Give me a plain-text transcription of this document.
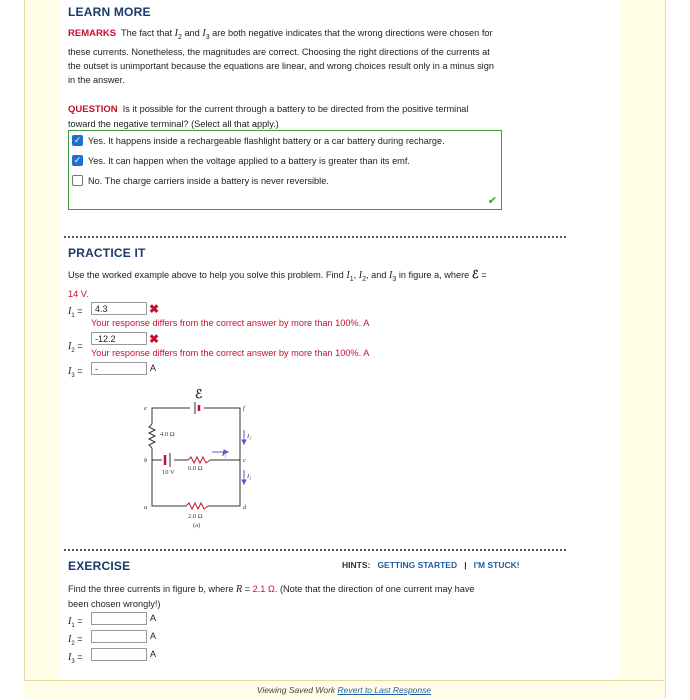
LEARN MORE
REMARKS The fact that $I_2$ and $I_3$ are both negative indicates that the wrong directions were chosen for
these currents. Nonetheless, the magnitudes are correct. Choosing the right directions of the currents at
the outset is unimportant because the equations are linear, and wrong choices result only in a minus sign
in the answer.
QUESTION Is it possible for the current through a battery to be directed from the positive terminal
toward the negative terminal? (Select all that apply.)
✓ Yes. It happens inside a rechargeable flashlight battery or a car battery during recharge.
✓ Yes. It can happen when the voltage applied to a battery is greater than its emf.
No. The charge carriers inside a battery is never reversible.
✔
PRACTICE IT
Use the worked example above to help you solve this problem. Find $I_1$, $I_2$, and $I_3$ in figure a, where ℰ =
14 V.
$I_1$ =	4.3	✖
Your response differs from the correct answer by more than 100%. A
$I_2$ =
-12.2	✖
Your response differs from the correct answer by more than 100%. A
$I_3$ =	-	A
ℰ
4.0 Ω
10 V
6.0 Ω
2.0 Ω
(a)
e	f
b	c
a	d
I₁
I₂
I₃
EXERCISE	HINTS: GETTING STARTED | I'M STUCK!
Find the three currents in figure b, where R = 2.1 Ω. (Note that the direction of one current may have
been chosen wrongly!)
$I_1$ =	A
$I_2$ =	A
$I_3$ =	A
Viewing Saved Work Revert to Last Response
